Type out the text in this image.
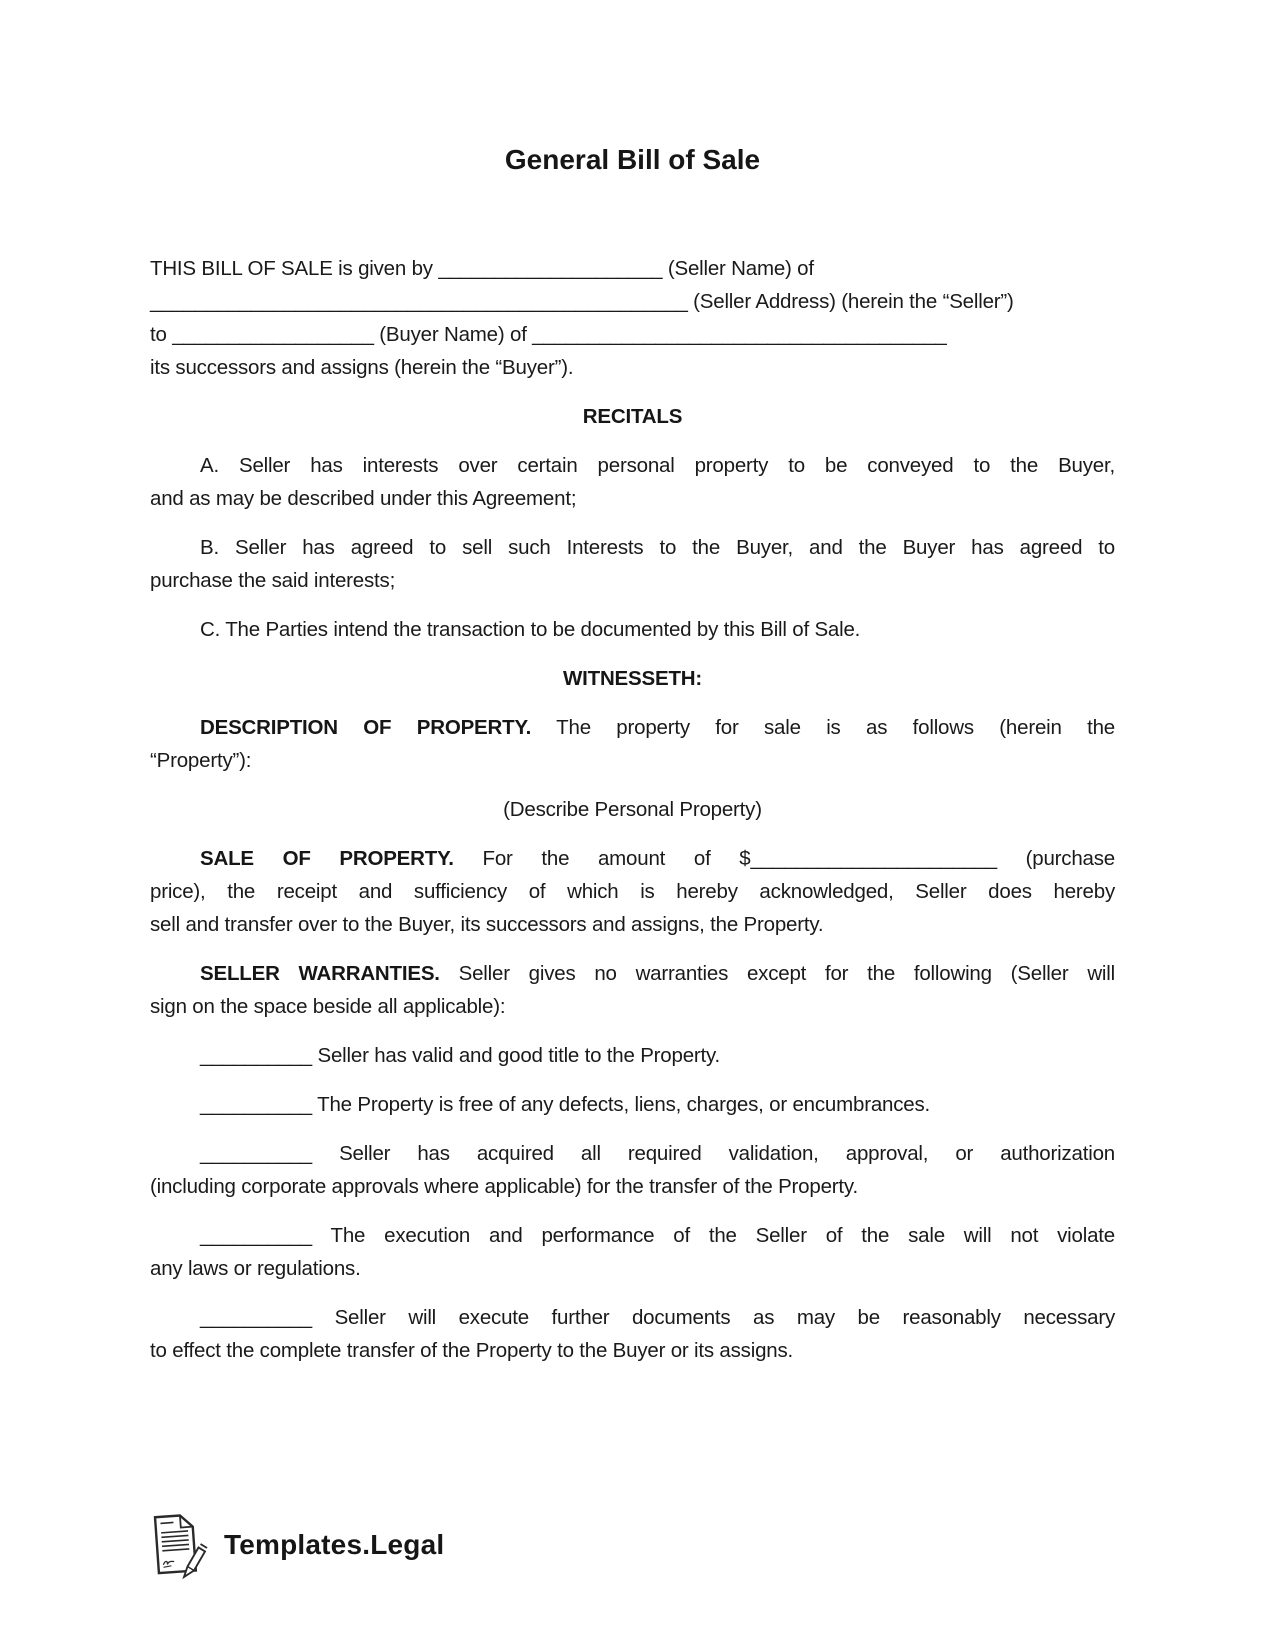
General Bill of Sale

THIS BILL OF SALE is given by ____________________ (Seller Name) of
________________________________________________ (Seller Address) (herein the “Seller”)
to __________________ (Buyer Name) of _____________________________________
its successors and assigns (herein the “Buyer”).

RECITALS

A. Seller has interests over certain personal property to be conveyed to the Buyer,
and as may be described under this Agreement;

B. Seller has agreed to sell such Interests to the Buyer, and the Buyer has agreed to
purchase the said interests;

C. The Parties intend the transaction to be documented by this Bill of Sale.

WITNESSETH:

DESCRIPTION OF PROPERTY. The property for sale is as follows (herein the
“Property”):

(Describe Personal Property)

SALE OF PROPERTY. For the amount of $______________________ (purchase
price), the receipt and sufficiency of which is hereby acknowledged, Seller does hereby
sell and transfer over to the Buyer, its successors and assigns, the Property.

SELLER WARRANTIES. Seller gives no warranties except for the following (Seller will
sign on the space beside all applicable):

__________ Seller has valid and good title to the Property.

__________ The Property is free of any defects, liens, charges, or encumbrances.

__________ Seller has acquired all required validation, approval, or authorization
(including corporate approvals where applicable) for the transfer of the Property.

__________ The execution and performance of the Seller of the sale will not violate
any laws or regulations.

__________ Seller will execute further documents as may be reasonably necessary
to effect the complete transfer of the Property to the Buyer or its assigns.

Templates.Legal
